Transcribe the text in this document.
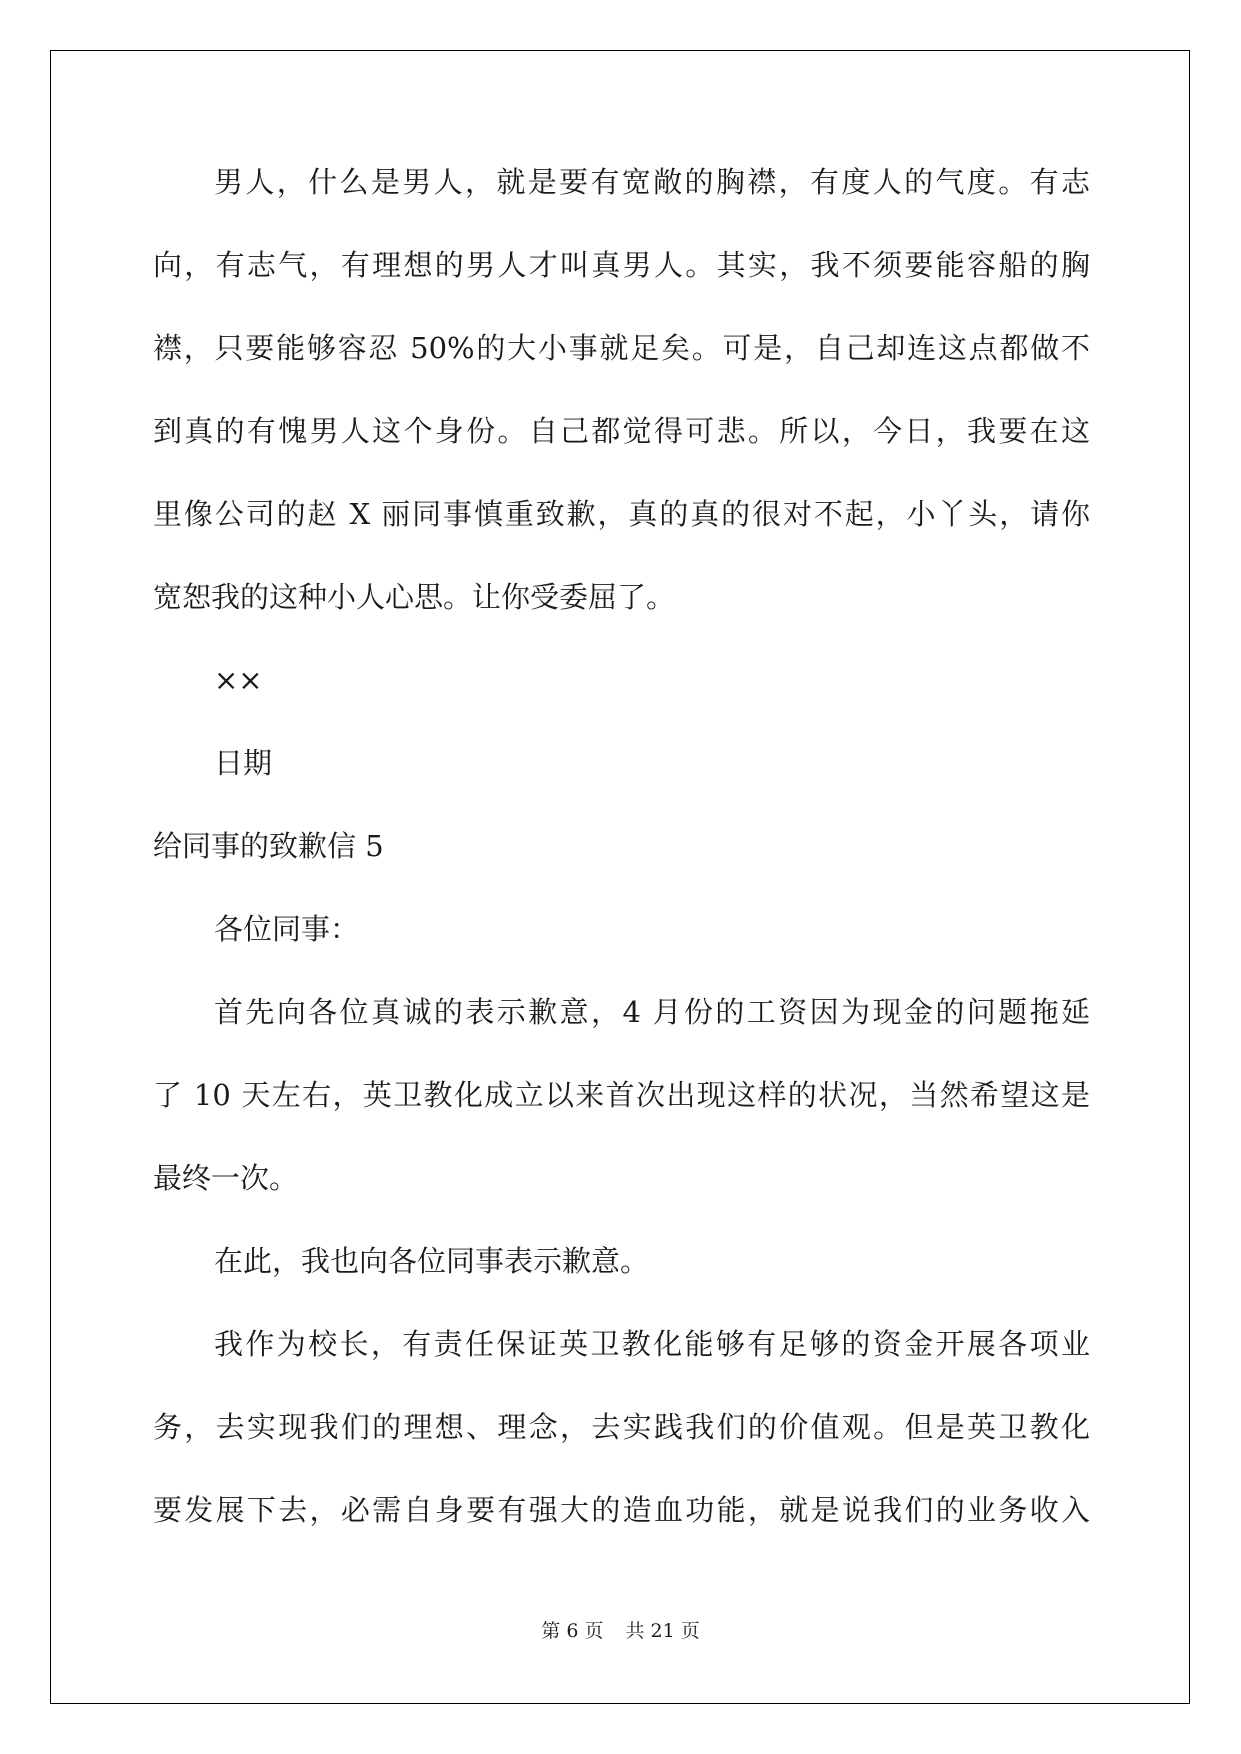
男人，什么是男人，就是要有宽敞的胸襟，有度人的气度。有志
向，有志气，有理想的男人才叫真男人。其实，我不须要能容船的胸
襟，只要能够容忍 50%的大小事就足矣。可是，自己却连这点都做不
到真的有愧男人这个身份。自己都觉得可悲。所以，今日，我要在这
里像公司的赵 X 丽同事慎重致歉，真的真的很对不起，小丫头，请你
宽恕我的这种小人心思。让你受委屈了。
××
日期
给同事的致歉信 5
各位同事：
首先向各位真诚的表示歉意，4 月份的工资因为现金的问题拖延
了 10 天左右，英卫教化成立以来首次出现这样的状况，当然希望这是
最终一次。
在此，我也向各位同事表示歉意。
我作为校长，有责任保证英卫教化能够有足够的资金开展各项业
务，去实现我们的理想、理念，去实践我们的价值观。但是英卫教化
要发展下去，必需自身要有强大的造血功能，就是说我们的业务收入
第 6 页 共 21 页
